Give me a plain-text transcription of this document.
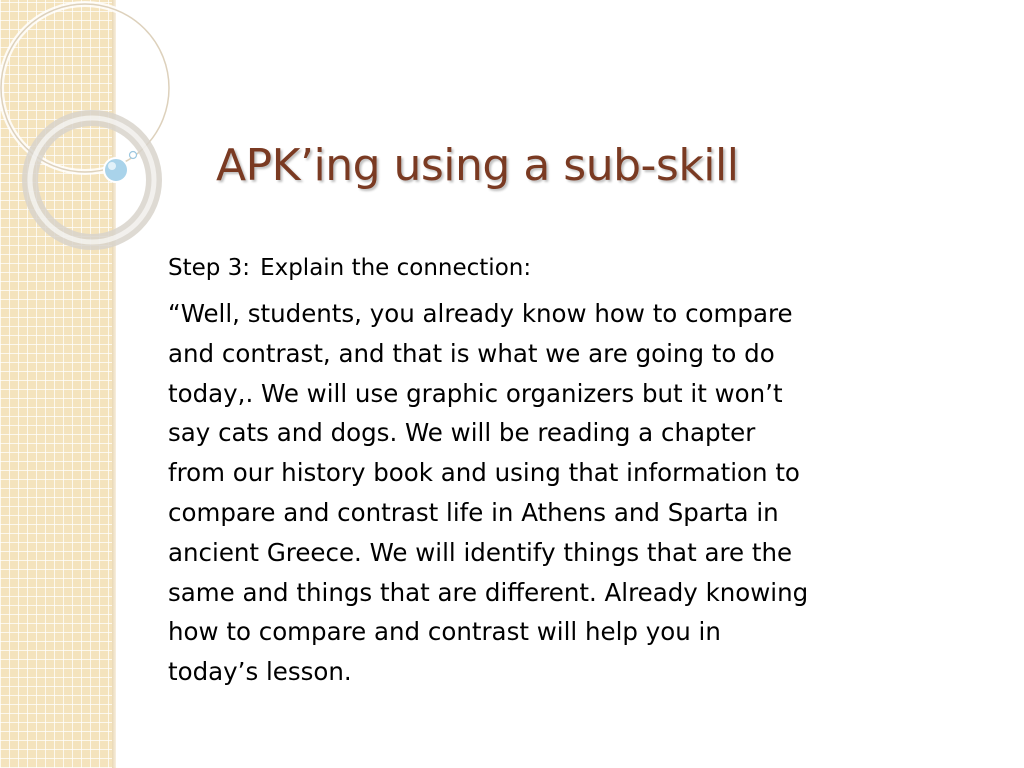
APK’ing using a sub-skill

Step 3: Explain the connection:

“Well, students, you already know how to compare
and contrast, and that is what we are going to do
today,. We will use graphic organizers but it won’t
say cats and dogs. We will be reading a chapter
from our history book and using that information to
compare and contrast life in Athens and Sparta in
ancient Greece. We will identify things that are the
same and things that are different. Already knowing
how to compare and contrast will help you in
today’s lesson.
